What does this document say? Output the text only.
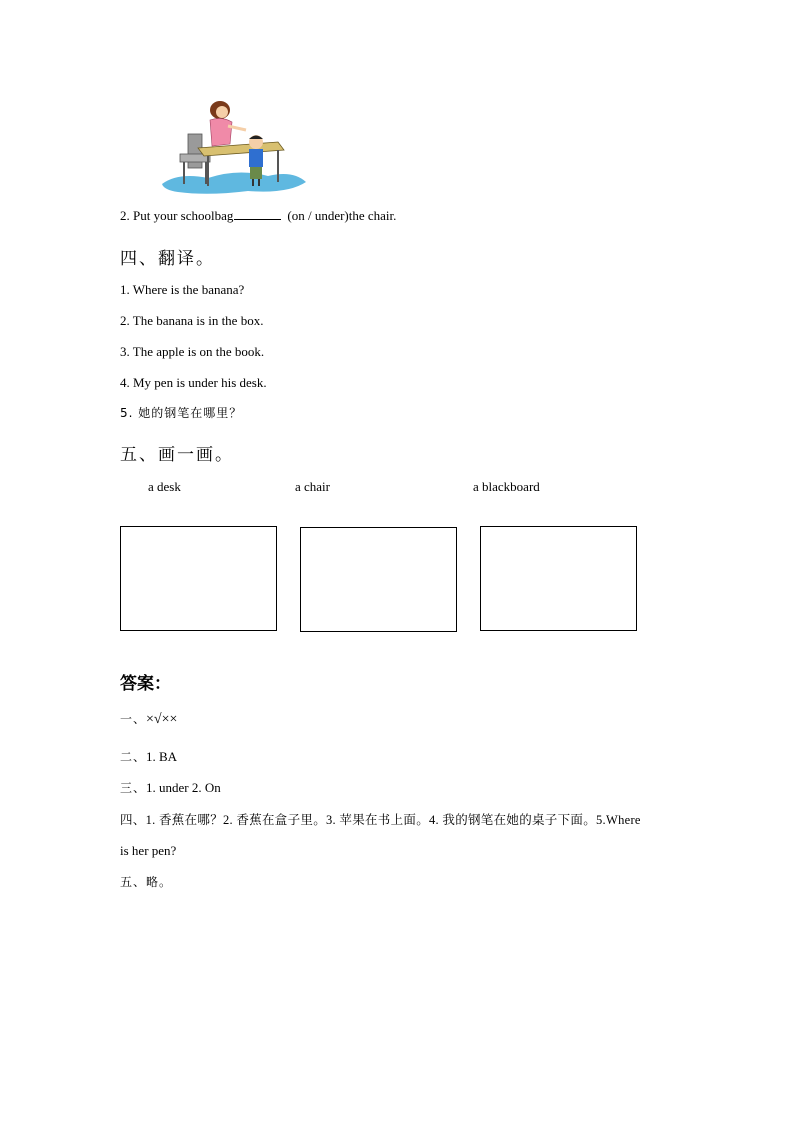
2. Put your schoolbag	(on / under)the chair.
四、翻译。
1. Where is the banana?
2. The banana is in the box.
3. The apple is on the book.
4. My pen is under his desk.
5. 她的钢笔在哪里？
五、画一画。
a desk	a chair	a blackboard
答案：
一、×√××
二、1. BA
三、1. under 2. On
四、1. 香蕉在哪？2. 香蕉在盒子里。3. 苹果在书上面。4. 我的钢笔在她的桌子下面。5.Where
is her pen?
五、略。
